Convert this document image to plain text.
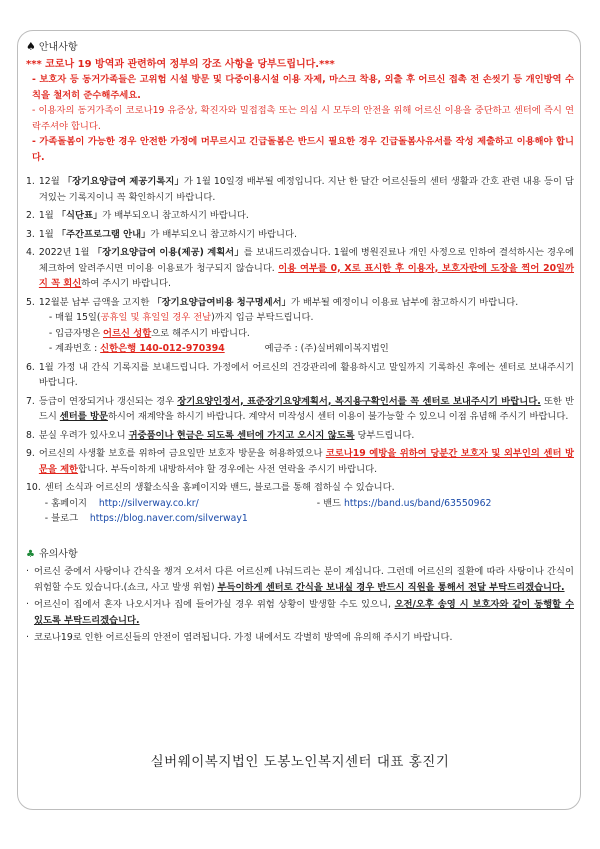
♠ 안내사항
*** 코로나 19 방역과 관련하여 정부의 강조 사항을 당부드립니다.***
- 보호자 등 동거가족들은 고위험 시설 방문 및 다중이용시설 이용 자제, 마스크 착용, 외출 후 어르신 접촉 전 손씻기 등 개인방역 수칙을 철저히 준수해주세요.
- 이용자의 동거가족이 코로나19 유증상, 확진자와 밀접접촉 또는 의심 시 모두의 안전을 위해 어르신 이용을 중단하고 센터에 즉시 연락주셔야 합니다.
- 가족돌봄이 가능한 경우 안전한 가정에 머무르시고 긴급돌봄은 반드시 필요한 경우 긴급돌봄사유서를 작성 제출하고 이용해야 합니다.
1. 12월 「장기요양급여 제공기록지」가 1월 10일경 배부될 예정입니다. 지난 한 달간 어르신들의 센터 생활과 간호 관련 내용 등이 담겨있는 기록지이니 꼭 확인하시기 바랍니다.
2. 1월 「식단표」가 배부되오니 참고하시기 바랍니다.
3. 1월 「주간프로그램 안내」가 배부되오니 참고하시기 바랍니다.
4. 2022년 1월 「장기요양급여 이용(제공) 계획서」를 보내드리겠습니다. 1월에 병원진료나 개인 사정으로 인하여 결석하시는 경우에 체크하여 알려주시면 미이용 이용료가 청구되지 않습니다. 이용 여부를 0, X로 표시한 후 이용자, 보호자란에 도장을 찍어 20일까지 꼭 회신하여 주시기 바랍니다.
5. 12월분 납부 금액을 고지한 「장기요양급여비용 청구명세서」가 배부될 예정이니 이용료 납부에 참고하시기 바랍니다.
- 매월 15일(공휴일 및 휴일일 경우 전날)까지 입금 부탁드립니다.
- 입금자명은 어르신 성함으로 해주시기 바랍니다.
- 계좌번호 : 신한은행 140-012-970394	예금주 : (주)실버웨이복지법인
6. 1월 가정 내 간식 기록지를 보내드립니다. 가정에서 어르신의 건강관리에 활용하시고 말일까지 기록하신 후에는 센터로 보내주시기 바랍니다.
7. 등급이 연장되거나 갱신되는 경우 장기요양인정서, 표준장기요양계획서, 복지용구확인서를 꼭 센터로 보내주시기 바랍니다. 또한 반드시 센터를 방문하시어 재계약을 하시기 바랍니다. 계약서 미작성시 센터 이용이 불가능할 수 있으니 이점 유념해 주시기 바랍니다.
8. 분실 우려가 있사오니 귀중품이나 현금은 되도록 센터에 가지고 오시지 않도록 당부드립니다.
9. 어르신의 사생활 보호를 위하여 금요일만 보호자 방문을 허용하였으나 코로나19 예방을 위하여 당분간 보호자 및 외부인의 센터 방문을 제한합니다. 부득이하게 내방하셔야 할 경우에는 사전 연락을 주시기 바랍니다.
10. 센터 소식과 어르신의 생활소식을 홈페이지와 밴드, 블로그를 통해 접하실 수 있습니다.
- 홈페이지 http://silverway.co.kr/	- 밴드 https://band.us/band/63550962
- 블로그 https://blog.naver.com/silverway1
♣ 유의사항
· 어르신 중에서 사탕이나 간식을 챙겨 오셔서 다른 어르신께 나눠드리는 분이 계십니다. 그런데 어르신의 질환에 따라 사탕이나 간식이 위험할 수도 있습니다.(쇼크, 사고 발생 위험) 부득이하게 센터로 간식을 보내실 경우 반드시 직원을 통해서 전달 부탁드리겠습니다.
· 어르신이 집에서 혼자 나오시거나 집에 들어가실 경우 위험 상황이 발생할 수도 있으니, 오전/오후 송영 시 보호자와 같이 동행할 수 있도록 부탁드리겠습니다.
· 코로나19로 인한 어르신들의 안전이 염려됩니다. 가정 내에서도 각별히 방역에 유의해 주시기 바랍니다.
실버웨이복지법인 도봉노인복지센터 대표 홍진기
